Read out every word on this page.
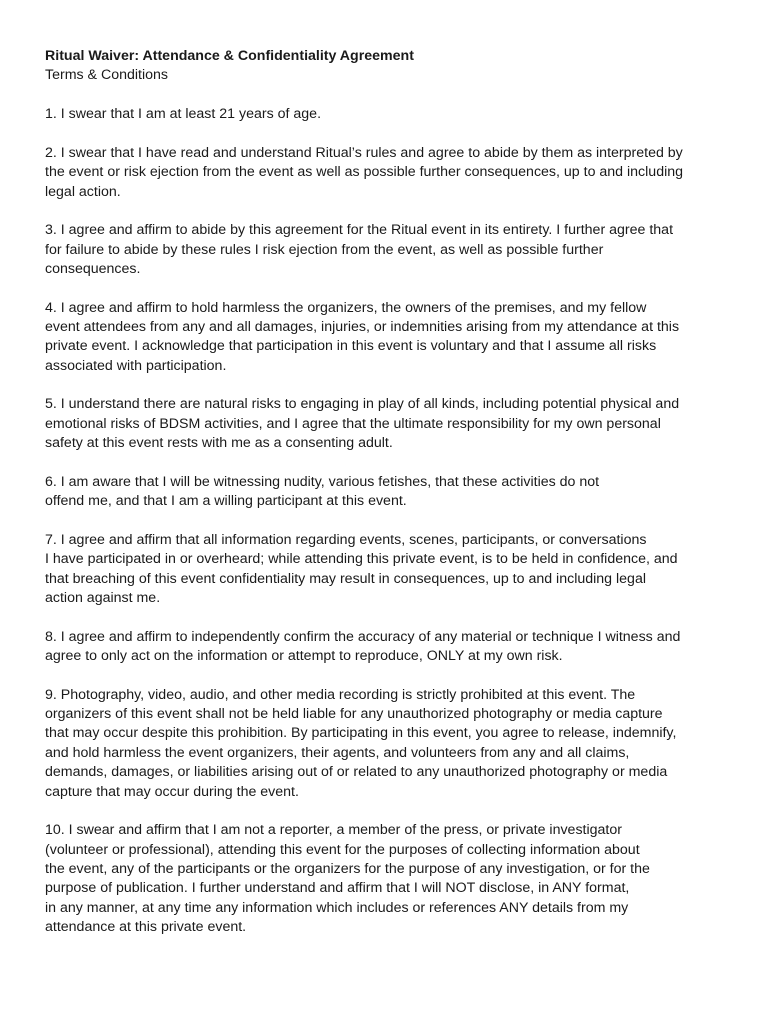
Ritual Waiver: Attendance & Confidentiality Agreement

Terms & Conditions

1. I swear that I am at least 21 years of age.

2. I swear that I have read and understand Ritual’s rules and agree to abide by them as interpreted by
the event or risk ejection from the event as well as possible further consequences, up to and including
legal action.

3. I agree and affirm to abide by this agreement for the Ritual event in its entirety. I further agree that
for failure to abide by these rules I risk ejection from the event, as well as possible further
consequences.

4. I agree and affirm to hold harmless the organizers, the owners of the premises, and my fellow
event attendees from any and all damages, injuries, or indemnities arising from my attendance at this
private event. I acknowledge that participation in this event is voluntary and that I assume all risks
associated with participation.

5. I understand there are natural risks to engaging in play of all kinds, including potential physical and
emotional risks of BDSM activities, and I agree that the ultimate responsibility for my own personal
safety at this event rests with me as a consenting adult.

6. I am aware that I will be witnessing nudity, various fetishes, that these activities do not
offend me, and that I am a willing participant at this event.

7. I agree and affirm that all information regarding events, scenes, participants, or conversations
I have participated in or overheard; while attending this private event, is to be held in confidence, and
that breaching of this event confidentiality may result in consequences, up to and including legal
action against me.

8. I agree and affirm to independently confirm the accuracy of any material or technique I witness and
agree to only act on the information or attempt to reproduce, ONLY at my own risk.

9. Photography, video, audio, and other media recording is strictly prohibited at this event. The
organizers of this event shall not be held liable for any unauthorized photography or media capture
that may occur despite this prohibition. By participating in this event, you agree to release, indemnify,
and hold harmless the event organizers, their agents, and volunteers from any and all claims,
demands, damages, or liabilities arising out of or related to any unauthorized photography or media
capture that may occur during the event.

10. I swear and affirm that I am not a reporter, a member of the press, or private investigator
(volunteer or professional), attending this event for the purposes of collecting information about
the event, any of the participants or the organizers for the purpose of any investigation, or for the
purpose of publication. I further understand and affirm that I will NOT disclose, in ANY format,
in any manner, at any time any information which includes or references ANY details from my
attendance at this private event.
